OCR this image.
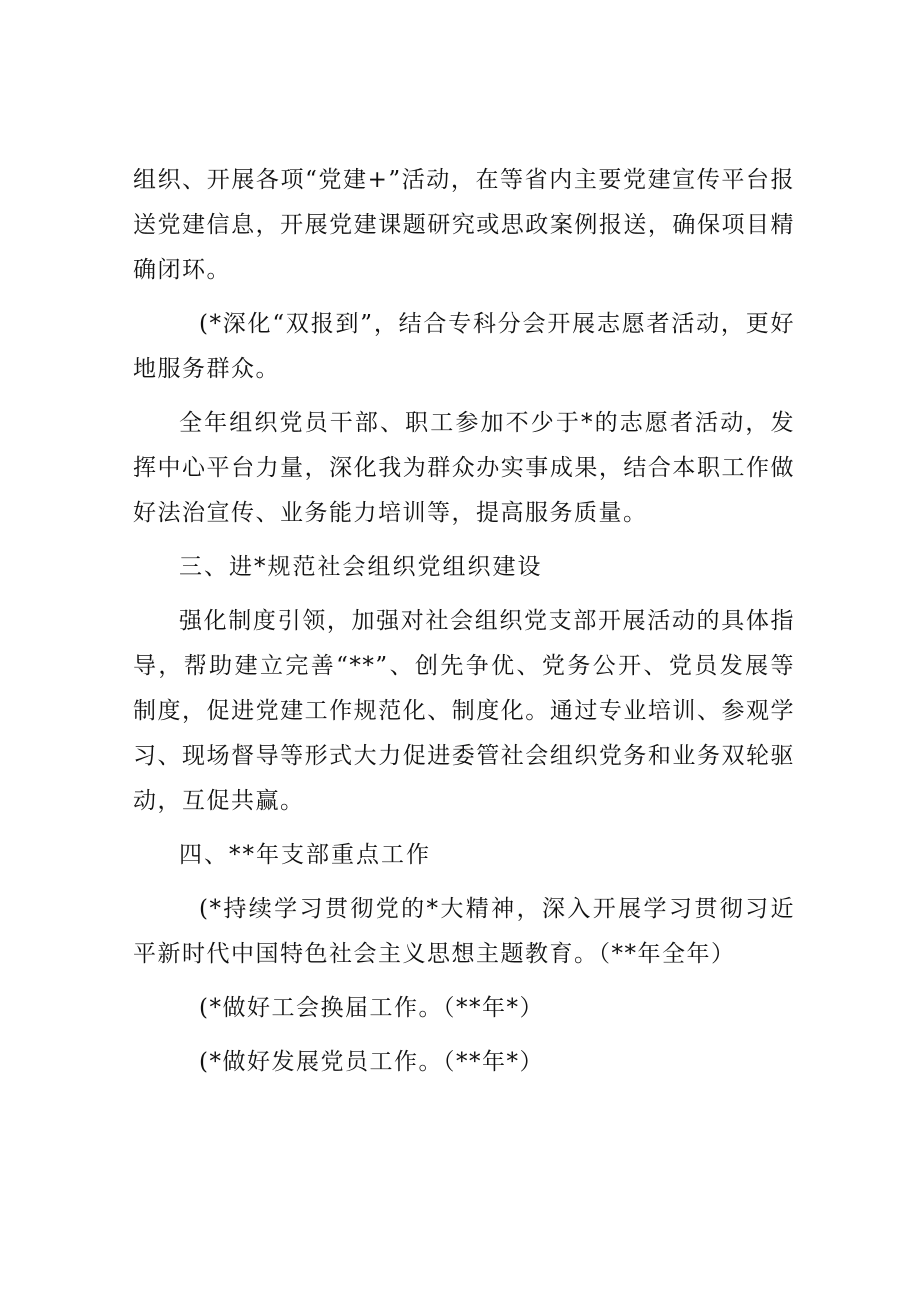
组织、开展各项“党建+”活动，在等省内主要党建宣传平台报送党建信息，开展党建课题研究或思政案例报送，确保项目精确闭环。

(*深化“双报到”，结合专科分会开展志愿者活动，更好地服务群众。

全年组织党员干部、职工参加不少于*的志愿者活动，发挥中心平台力量，深化我为群众办实事成果，结合本职工作做好法治宣传、业务能力培训等，提高服务质量。

三、进*规范社会组织党组织建设

强化制度引领，加强对社会组织党支部开展活动的具体指导，帮助建立完善“**”、创先争优、党务公开、党员发展等制度，促进党建工作规范化、制度化。通过专业培训、参观学习、现场督导等形式大力促进委管社会组织党务和业务双轮驱动，互促共赢。

四、**年支部重点工作

(*持续学习贯彻党的*大精神，深入开展学习贯彻习近平新时代中国特色社会主义思想主题教育。（**年全年）

(*做好工会换届工作。（**年*）

(*做好发展党员工作。（**年*）
